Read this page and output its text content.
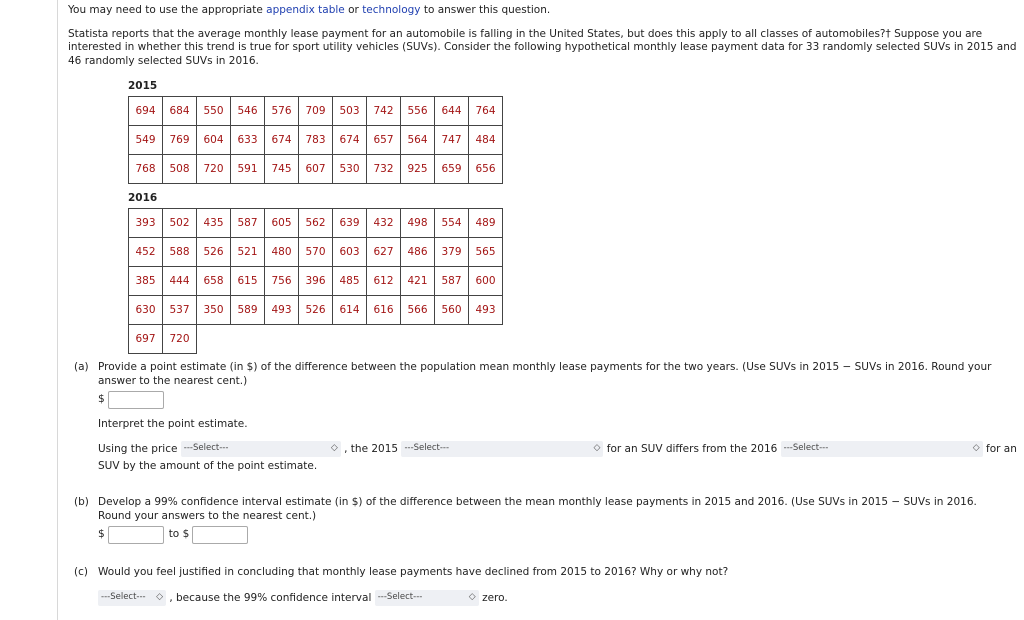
You may need to use the appropriate appendix table or technology to answer this question.

Statista reports that the average monthly lease payment for an automobile is falling in the United States, but does this apply to all classes of automobiles?† Suppose you are interested in whether this trend is true for sport utility vehicles (SUVs). Consider the following hypothetical monthly lease payment data for 33 randomly selected SUVs in 2015 and 46 randomly selected SUVs in 2016.

2015
694	684	550	546	576	709	503	742	556	644	764
549	769	604	633	674	783	674	657	564	747	484
768	508	720	591	745	607	530	732	925	659	656
2016
393	502	435	587	605	562	639	432	498	554	489
452	588	526	521	480	570	603	627	486	379	565
385	444	658	615	756	396	485	612	421	587	600
630	537	350	589	493	526	614	616	566	560	493
697	720									
(a) Provide a point estimate (in $) of the difference between the population mean monthly lease payments for the two years. (Use SUVs in 2015 − SUVs in 2016. Round your answer to the nearest cent.)

$

Interpret the point estimate.

Using the price ---Select---	◇ , the 2015 ---Select---	◇ for an SUV differs from the 2016 ---Select---	◇ for an

SUV by the amount of the point estimate.

(b) Develop a 99% confidence interval estimate (in $) of the difference between the mean monthly lease payments in 2015 and 2016. (Use SUVs in 2015 − SUVs in 2016. Round your answers to the nearest cent.)

$	to $
(c) Would you feel justified in concluding that monthly lease payments have declined from 2015 to 2016? Why or why not?

---Select--- ◇ , because the 99% confidence interval ---Select---	◇ zero.
